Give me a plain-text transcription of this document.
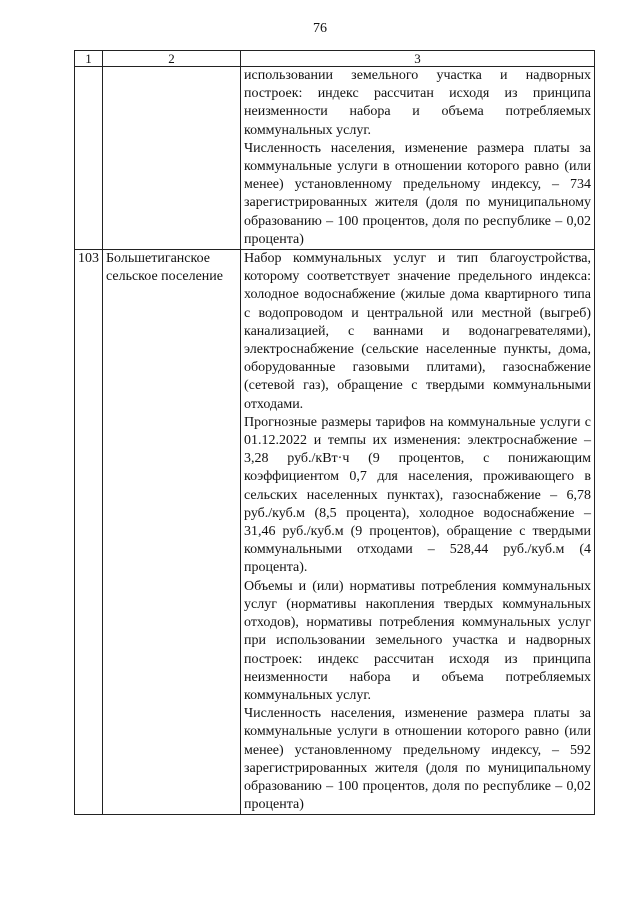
76
1	2	3

		использовании земельного участка и надворных построек: индекс рассчитан исходя из принципа неизменности набора и объема потребляемых коммунальных услуг.

Численность населения, изменение размера платы за коммунальные услуги в отношении которого равно (или менее) установленному предельному индексу, – 734 зарегистрированных жителя (доля по муниципальному образованию – 100 процентов, доля по республике – 0,02 процента)

103	Большетиганское сельское поселение	Набор коммунальных услуг и тип благоустройства, которому соответствует значение предельного индекса: холодное водоснабжение (жилые дома квартирного типа с водопроводом и центральной или местной (выгреб) канализацией, с ваннами и водонагревателями), электроснабжение (сельские населенные пункты, дома, оборудованные газовыми плитами), газоснабжение (сетевой газ), обращение с твердыми коммунальными отходами.

Прогнозные размеры тарифов на коммунальные услуги с 01.12.2022 и темпы их изменения: электроснабжение – 3,28 руб./кВт·ч (9 процентов, с понижающим коэффициентом 0,7 для населения, проживающего в сельских населенных пунктах), газоснабжение – 6,78 руб./куб.м (8,5 процента), холодное водоснабжение – 31,46 руб./куб.м (9 процентов), обращение с твердыми коммунальными отходами – 528,44 руб./куб.м (4 процента).

Объемы и (или) нормативы потребления коммунальных услуг (нормативы накопления твердых коммунальных отходов), нормативы потребления коммунальных услуг при использовании земельного участка и надворных построек: индекс рассчитан исходя из принципа неизменности набора и объема потребляемых коммунальных услуг.

Численность населения, изменение размера платы за коммунальные услуги в отношении которого равно (или менее) установленному предельному индексу, – 592 зарегистрированных жителя (доля по муниципальному образованию – 100 процентов, доля по республике – 0,02 процента)
